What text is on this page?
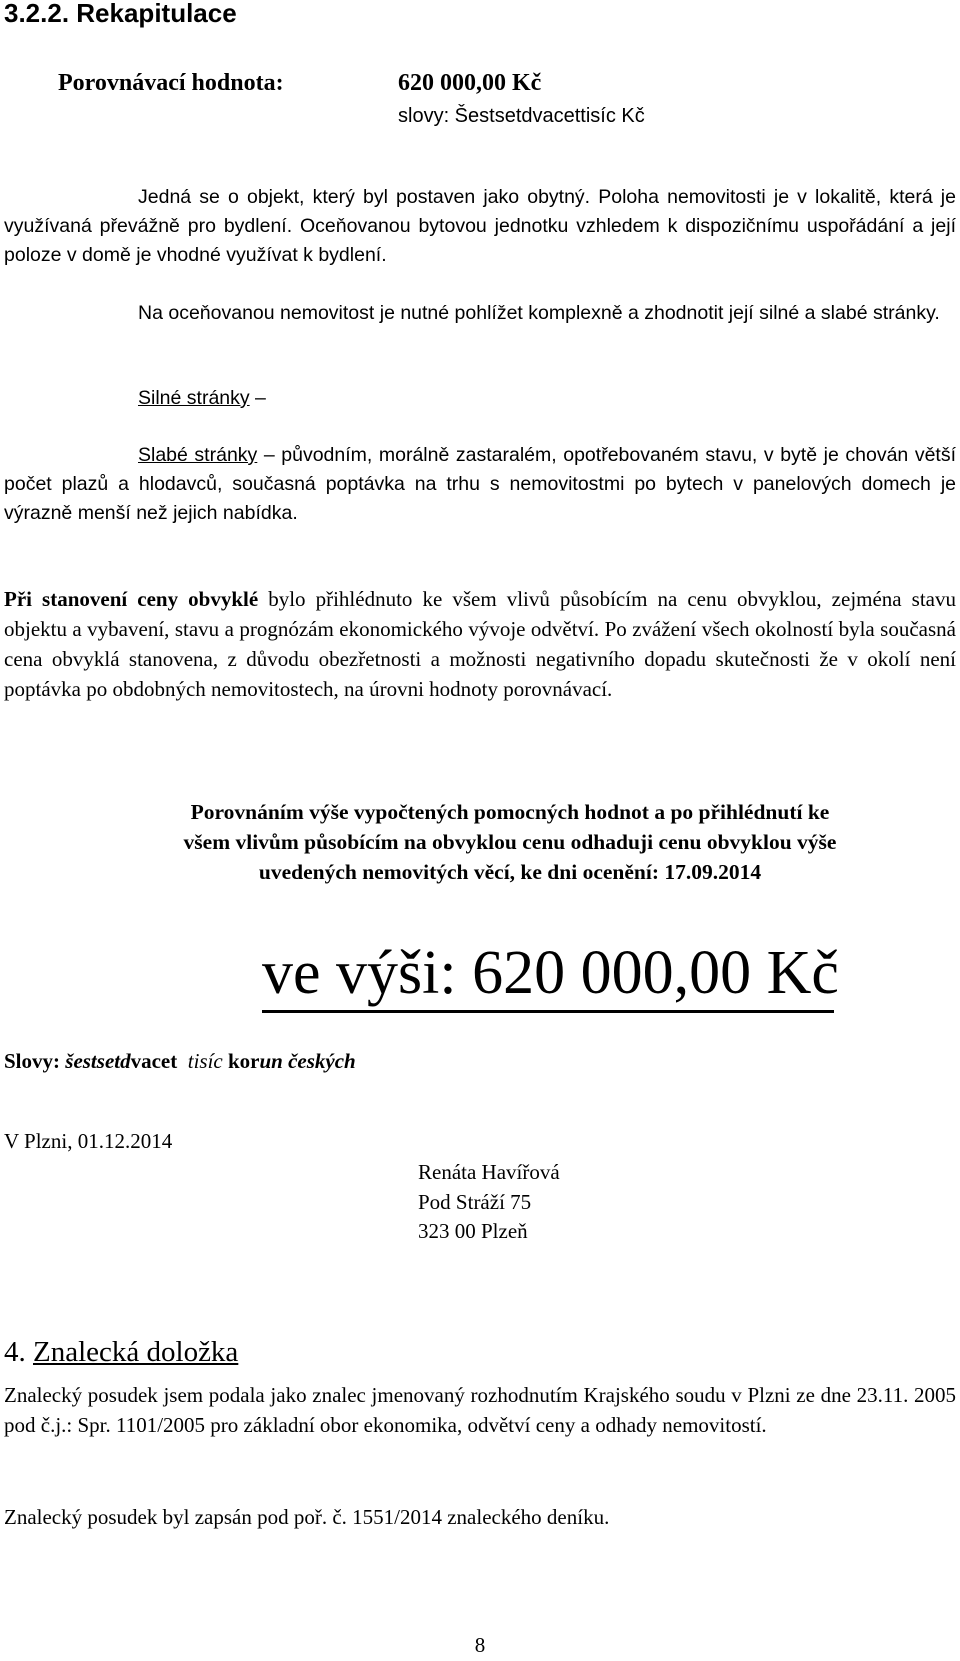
3.2.2. Rekapitulace
Porovnávací hodnota:	620 000,00 Kč
slovy: Šestsetdvacettisíc Kč

Jedná se o objekt, který byl postaven jako obytný. Poloha nemovitosti je v lokalitě, která je využívaná převážně pro bydlení. Oceňovanou bytovou jednotku vzhledem k dispozičnímu uspořádání a její poloze v domě je vhodné využívat k bydlení.

Na oceňovanou nemovitost je nutné pohlížet komplexně a zhodnotit její silné a slabé stránky.

Silné stránky –

Slabé stránky – původním, morálně zastaralém, opotřebovaném stavu, v bytě je chován větší počet plazů a hlodavců, současná poptávka na trhu s nemovitostmi po bytech v panelových domech je výrazně menší než jejich nabídka.

Při stanovení ceny obvyklé bylo přihlédnuto ke všem vlivů působícím na cenu obvyklou, zejména stavu objektu a vybavení, stavu a prognózám ekonomického vývoje odvětví. Po zvážení všech okolností byla současná cena obvyklá stanovena, z důvodu obezřetnosti a možnosti negativního dopadu skutečnosti že v okolí není poptávka po obdobných nemovitostech, na úrovni hodnoty porovnávací.

Porovnáním výše vypočtených pomocných hodnot a po přihlédnutí ke
všem vlivům působícím na obvyklou cenu odhaduji cenu obvyklou výše
uvedených nemovitých věcí, ke dni ocenění: 17.09.2014

ve výši: 620 000,00 Kč
Slovy: šestsetdvacet  tisíc korun českých
V Plzni, 01.12.2014
Renáta Havířová
Pod Stráží 75
323 00 Plzeň
4. Znalecká doložka

Znalecký posudek jsem podala jako znalec jmenovaný rozhodnutím Krajského soudu v Plzni ze dne 23.11. 2005 pod č.j.: Spr. 1101/2005 pro základní obor ekonomika, odvětví ceny a odhady nemovitostí.

Znalecký posudek byl zapsán pod poř. č. 1551/2014 znaleckého deníku.

8
